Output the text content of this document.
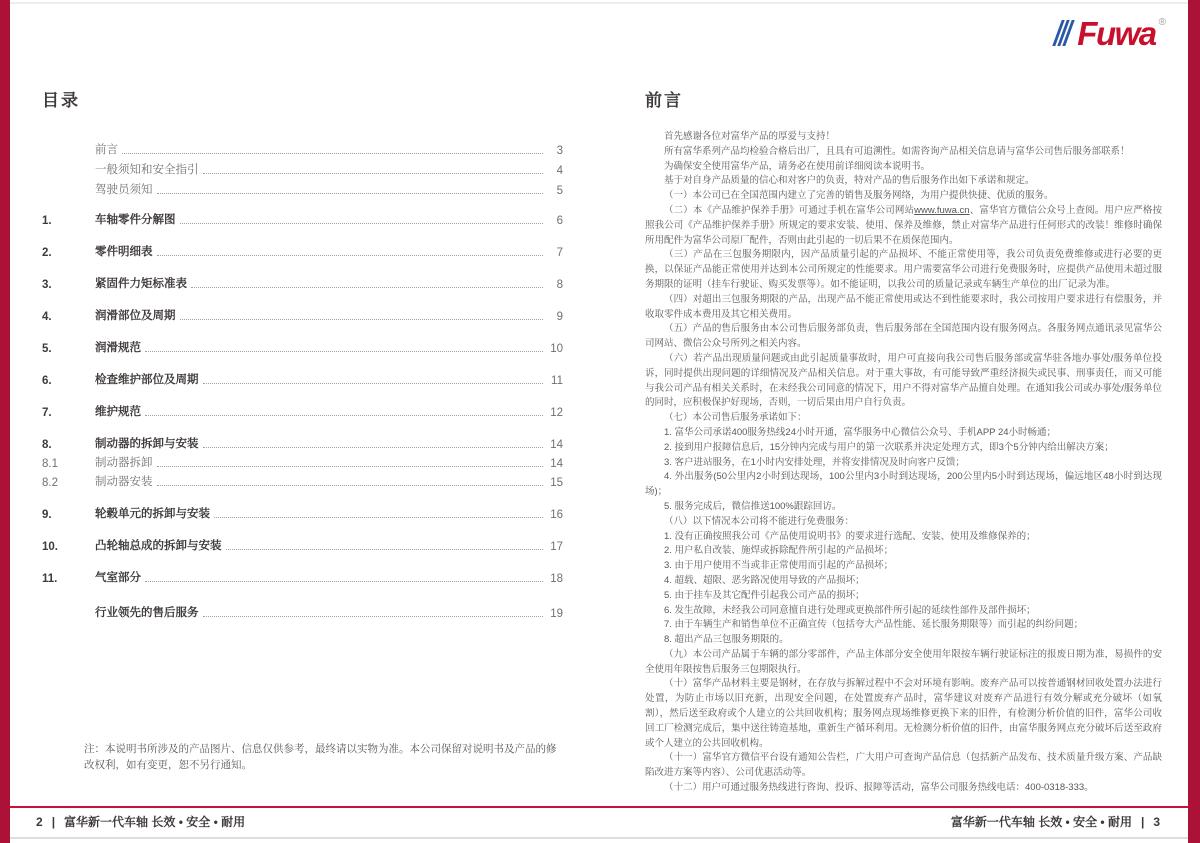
Fuwa ®
目录
前言	3
一般须知和安全指引	4
驾驶员须知	5
1.	车轴零件分解图	6
2.	零件明细表	7
3.	紧固件力矩标准表	8
4.	润滑部位及周期	9
5.	润滑规范	10
6.	检查维护部位及周期	11
7.	维护规范	12
8.	制动器的拆卸与安装	14
8.1	制动器拆卸	14
8.2	制动器安装	15
9.	轮毂单元的拆卸与安装	16
10.	凸轮轴总成的拆卸与安装	17
11.	气室部分	18
行业领先的售后服务	19
注：本说明书所涉及的产品图片、信息仅供参考，最终请以实物为准。本公司保留对说明书及产品的修改权利，如有变更，恕不另行通知。
前言

首先感谢各位对富华产品的厚爱与支持！

所有富华系列产品均检验合格后出厂，且具有可追溯性。如需咨询产品相关信息请与富华公司售后服务部联系！

为确保安全使用富华产品，请务必在使用前详细阅读本说明书。

基于对自身产品质量的信心和对客户的负责，特对产品的售后服务作出如下承诺和规定。

（一）本公司已在全国范围内建立了完善的销售及服务网络，为用户提供快捷、优质的服务。

（二）本《产品维护保养手册》可通过手机在富华公司网站www.fuwa.cn、富华官方微信公众号上查阅。用户应严格按照我公司《产品维护保养手册》所规定的要求安装、使用、保养及维修，禁止对富华产品进行任何形式的改装！维修时确保所用配件为富华公司原厂配件，否则由此引起的一切后果不在质保范围内。

（三）产品在三包服务期限内，因产品质量引起的产品损坏、不能正常使用等，我公司负责免费维修或进行必要的更换，以保证产品能正常使用并达到本公司所规定的性能要求。用户需要富华公司进行免费服务时，应提供产品使用未超过服务期限的证明（挂车行驶证、购买发票等）。如不能证明，以我公司的质量记录或车辆生产单位的出厂记录为准。

（四）对超出三包服务期限的产品，出现产品不能正常使用或达不到性能要求时，我公司按用户要求进行有偿服务，并收取零件成本费用及其它相关费用。

（五）产品的售后服务由本公司售后服务部负责，售后服务部在全国范围内设有服务网点。各服务网点通讯录见富华公司网站、微信公众号所列之相关内容。

（六）若产品出现质量问题或由此引起质量事故时，用户可直接向我公司售后服务部或富华驻各地办事处/服务单位投诉，同时提供出现问题的详细情况及产品相关信息。对于重大事故，有可能导致严重经济损失或民事、刑事责任，而又可能与我公司产品有相关关系时，在未经我公司同意的情况下，用户不得对富华产品擅自处理。在通知我公司或办事处/服务单位的同时，应积极保护好现场，否则，一切后果由用户自行负责。

（七）本公司售后服务承诺如下：

1. 富华公司承诺400服务热线24小时开通，富华服务中心微信公众号、手机APP 24小时畅通；

2. 接到用户报障信息后，15分钟内完成与用户的第一次联系并决定处理方式，即3个5分钟内给出解决方案；

3. 客户进站服务，在1小时内安排处理，并将安排情况及时向客户反馈；

4. 外出服务(50公里内2小时到达现场，100公里内3小时到达现场，200公里内5小时到达现场，偏远地区48小时到达现场)；

5. 服务完成后，微信推送100%跟踪回访。

（八）以下情况本公司将不能进行免费服务：

1. 没有正确按照我公司《产品使用说明书》的要求进行选配、安装、使用及维修保养的；

2. 用户私自改装、施焊或拆除配件所引起的产品损坏；

3. 由于用户使用不当或非正常使用而引起的产品损坏；

4. 超载、超限、恶劣路况使用导致的产品损坏；

5. 由于挂车及其它配件引起我公司产品的损坏；

6. 发生故障，未经我公司同意擅自进行处理或更换部件所引起的延续性部件及部件损坏；

7. 由于车辆生产和销售单位不正确宣传（包括夸大产品性能、延长服务期限等）而引起的纠纷问题；

8. 超出产品三包服务期限的。

（九）本公司产品属于车辆的部分零部件，产品主体部分安全使用年限按车辆行驶证标注的报废日期为准，易损件的安全使用年限按售后服务三包期限执行。

（十）富华产品材料主要是钢材，在存放与拆解过程中不会对环境有影响。废弃产品可以按普通钢材回收处置办法进行处置，为防止市场以旧充新，出现安全问题，在处置废弃产品时，富华建议对废弃产品进行有效分解或充分破坏（如氧割），然后送至政府或个人建立的公共回收机构；服务网点现场维修更换下来的旧件，有检测分析价值的旧件，富华公司收回工厂检测完成后，集中送往铸造基地，重新生产循环利用。无检测分析价值的旧件，由富华服务网点充分破坏后送至政府或个人建立的公共回收机构。

（十一）富华官方微信平台设有通知公告栏，广大用户可查询产品信息（包括新产品发布、技术质量升级方案、产品缺陷改进方案等内容）、公司优惠活动等。

（十二）用户可通过服务热线进行咨询、投诉、报障等活动，富华公司服务热线电话：400-0318-333。

2 | 富华新一代车轴 长效 • 安全 • 耐用	富华新一代车轴 长效 • 安全 • 耐用 | 3
